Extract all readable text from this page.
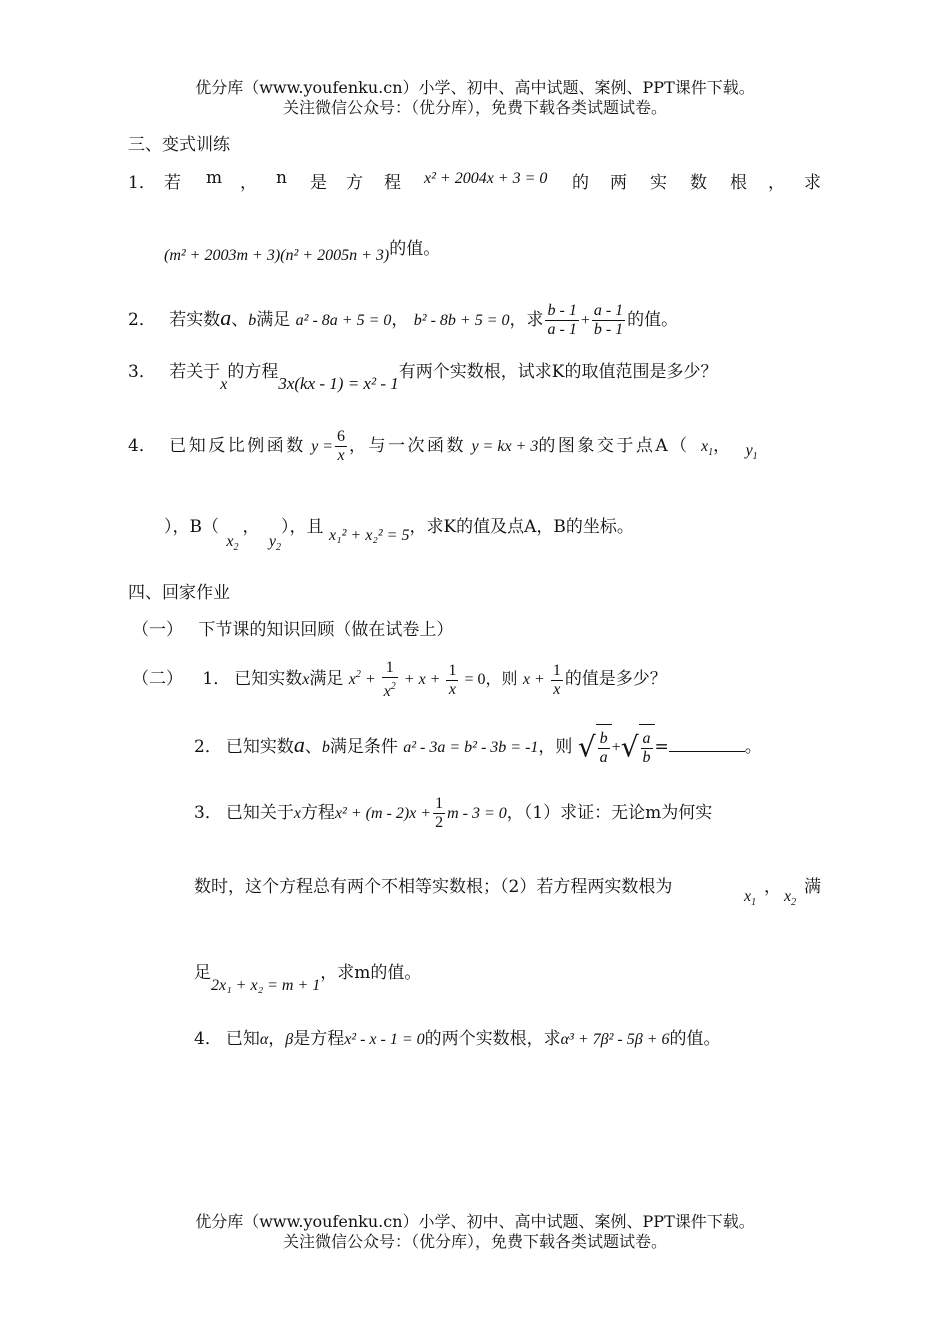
优分库（www.youfenku.cn）小学、初中、高中试题、案例、PPT课件下载。
关注微信公众号：（优分库），免费下载各类试题试卷。
三、变式训练
1． 若 m ， n 是 方 程 x² + 2004x + 3 = 0 的 两 实 数 根 ， 求
(m² + 2003m + 3)(n² + 2005n + 3)的值。
2． 若实数a、b满足 a² - 8a + 5 = 0， b² - 8b + 5 = 0，求 $\frac{b - 1}{a - 1} + \frac{a - 1}{b - 1}$ 的值。
3． 若关于x的方程3x(kx - 1) = x² - 1有两个实数根，试求K的取值范围是多少？
4． 已知反比例函数 $y = \frac{6}{x}$ ，与一次函数 y = kx + 3的图象交于点A（ $x_1$， $y_1$
），B（ $x_2$， $y_2$），且 x₁² + x₂² = 5，求K的值及点A，B的坐标。
四、回家作业
（一） 下节课的知识回顾（做在试卷上）
（二） 1． 已知实数x满足 $x^2 + \frac{1}{x^2} + x + \frac{1}{x} = 0$，则 $x + \frac{1}{x}$ 的值是多少？
2． 已知实数a、b满足条件 a² - 3a = b² - 3b = -1，则 √ $\frac{b}{a}$ +√ $\frac{a}{b}$ =	。
3． 已知关于x方程$x^2 + (m - 2)x + \frac{1}{2}$ m - 3 = 0，（1）求证：无论m为何实
数时，这个方程总有两个不相等实数根；（2）若方程两实数根为	$x_1$
， $x_2$
满
足2x₁ + x₂ = m + 1，求m的值。
4． 已知α，β是方程x² - x - 1 = 0的两个实数根，求α³ + 7β² - 5β + 6的值。
优分库（www.youfenku.cn）小学、初中、高中试题、案例、PPT课件下载。
关注微信公众号：（优分库），免费下载各类试题试卷。
